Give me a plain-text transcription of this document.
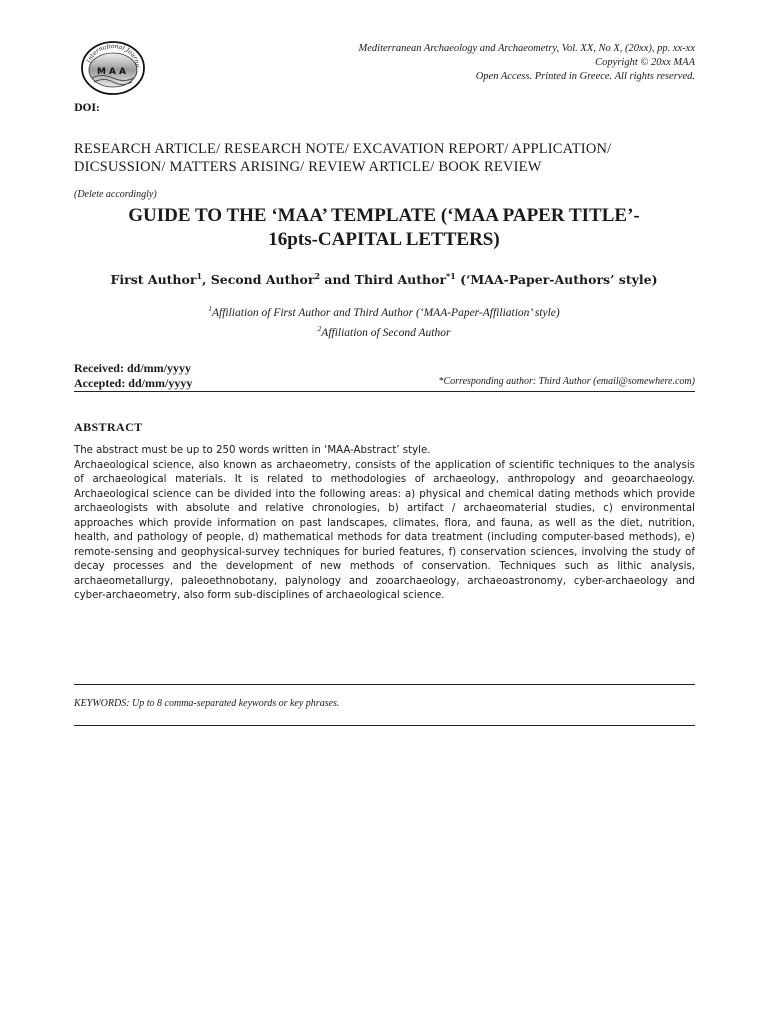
International Journa
MAA
Mediterranean Archaeology and Archaeometry, Vol. XX, No X, (20xx), pp. xx-xx
Copyright © 20xx MAA
Open Access. Printed in Greece. All rights reserved.
DOI:
RESEARCH ARTICLE/ RESEARCH NOTE/ EXCAVATION REPORT/ APPLICATION/
DICSUSSION/ MATTERS ARISING/ REVIEW ARTICLE/ BOOK REVIEW
(Delete accordingly)
GUIDE TO THE ‘MAA’ TEMPLATE (‘MAA PAPER TITLE’-
16pts-CAPITAL LETTERS)
First Author$^1$, Second Author$^2$ and Third Author$^{*1}$ (‘MAA-Paper-Authors’ style)
$^1$Affiliation of First Author and Third Author (‘MAA-Paper-Affiliation’ style)
$^2$Affiliation of Second Author
Received: dd/mm/yyyy
Accepted: dd/mm/yyyy	*Corresponding author: Third Author (email@somewhere.com)
ABSTRACT

The abstract must be up to 250 words written in ‘MAA-Abstract’ style.

Archaeological science, also known as archaeometry, consists of the application of scientific techniques to the analysis of archaeological materials. It is related to methodologies of archaeology, anthropology and geoarchaeology. Archaeological science can be divided into the following areas: a) physical and chemical dating methods which provide archaeologists with absolute and relative chronologies, b) artifact / archaeomaterial studies, c) environmental approaches which provide information on past landscapes, climates, flora, and fauna, as well as the diet, nutrition, health, and pathology of people, d) mathematical methods for data treatment (including computer-based methods), e) remote-sensing and geophysical-survey techniques for buried features, f) conservation sciences, involving the study of decay processes and the development of new methods of conservation. Techniques such as lithic analysis, archaeometallurgy, paleoethnobotany, palynology and zooarchaeology, archaeoastronomy, cyber-archaeology and cyber-archaeometry, also form sub-disciplines of archaeological science.

KEYWORDS: Up to 8 comma-separated keywords or key phrases.
